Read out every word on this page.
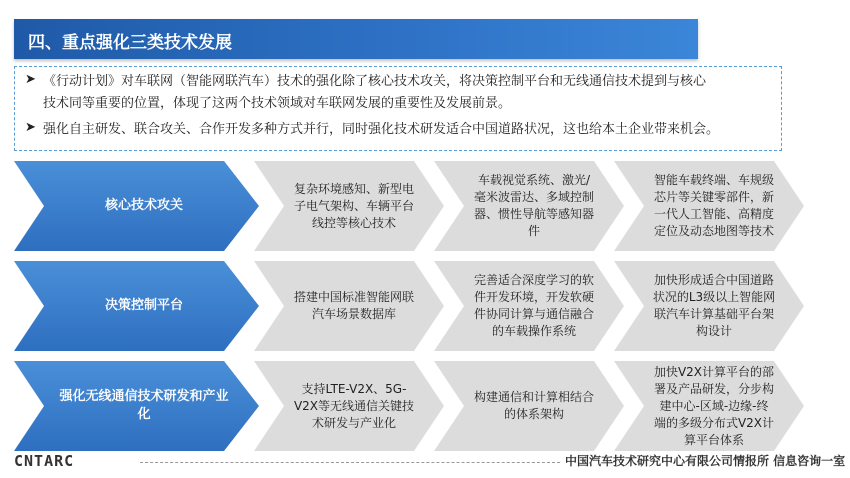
四、重点强化三类技术发展
➤ 《行动计划》对车联网（智能网联汽车）技术的强化除了核心技术攻关，将决策控制平台和无线通信技术提到与核心
技术同等重要的位置，体现了这两个技术领域对车联网发展的重要性及发展前景。
➤ 强化自主研发、联合攻关、合作开发多种方式并行，同时强化技术研发适合中国道路状况，这也给本土企业带来机会。
核心技术攻关
复杂环境感知、新型电
子电气架构、车辆平台
线控等核心技术
车载视觉系统、激光/
毫米波雷达、多域控制
器、惯性导航等感知器
件
智能车载终端、车规级
芯片等关键零部件，新
一代人工智能、高精度
定位及动态地图等技术
决策控制平台
搭建中国标准智能网联
汽车场景数据库
完善适合深度学习的软
件开发环境，开发软硬
件协同计算与通信融合
的车载操作系统
加快形成适合中国道路
状况的L3级以上智能网
联汽车计算基础平台架
构设计
强化无线通信技术研发和产业化
支持LTE-V2X、5G-
V2X等无线通信关键技
术研发与产业化
构建通信和计算相结合
的体系架构
加快V2X计算平台的部
署及产品研发，分步构
建中心-区域-边缘-终
端的多级分布式V2X计
算平台体系
CNTARC	中国汽车技术研究中心有限公司情报所 信息咨询一室
